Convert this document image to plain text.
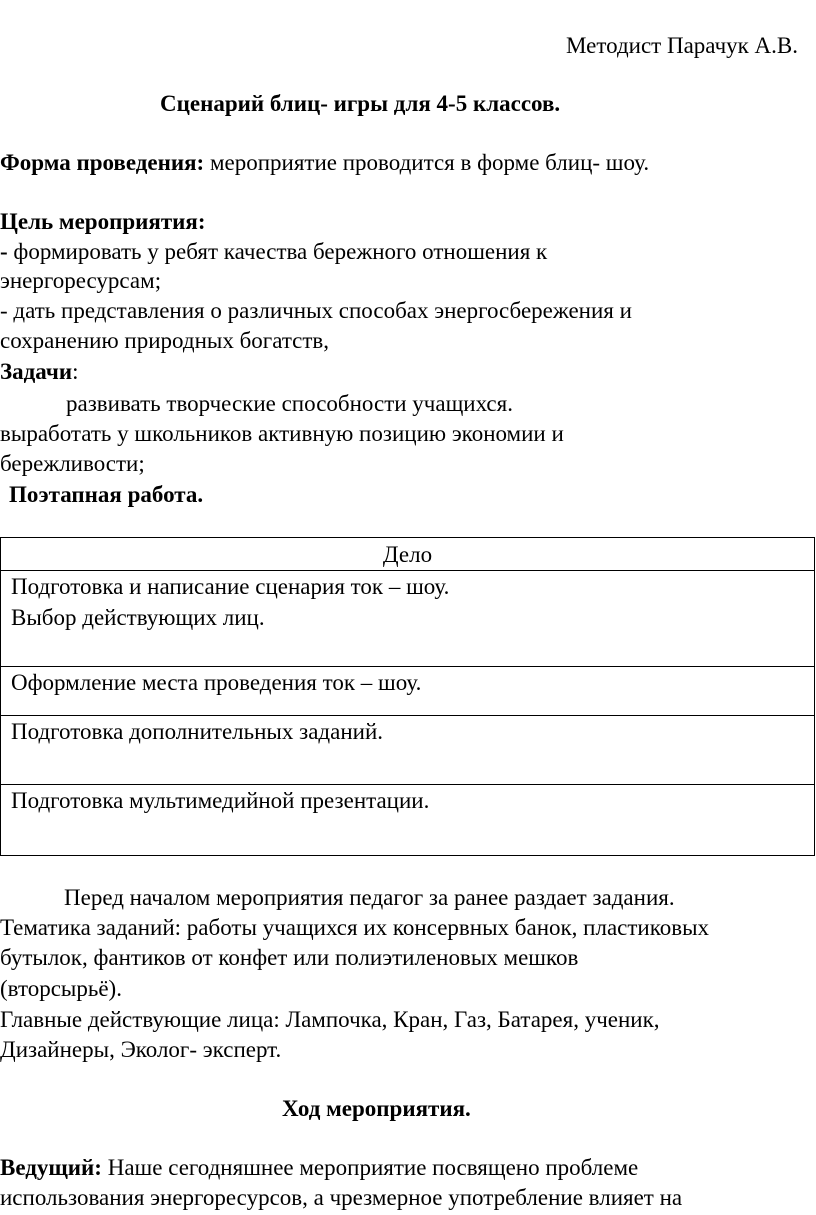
Методист Парачук А.В.
Сценарий блиц- игры для 4-5 классов.
Форма проведения: мероприятие проводится в форме блиц- шоу.
Цель мероприятия:
- формировать у ребят качества бережного отношения к
энергоресурсам;
- дать представления о различных способах энергосбережения и
сохранению природных богатств,
Задачи:
развивать творческие способности учащихся.
выработать у школьников активную позицию экономии и
бережливости;
Поэтапная работа.
Дело

Подготовка и написание сценария ток – шоу.
Выбор действующих лиц.

Оформление места проведения ток – шоу.

Подготовка дополнительных заданий.

Подготовка мультимедийной презентации.
Перед началом мероприятия педагог за ранее раздает задания.
Тематика заданий: работы учащихся их консервных банок, пластиковых
бутылок, фантиков от конфет или полиэтиленовых мешков
(вторсырьё).
Главные действующие лица: Лампочка, Кран, Газ, Батарея, ученик,
Дизайнеры, Эколог- эксперт.
Ход мероприятия.
Ведущий: Наше сегодняшнее мероприятие посвящено проблеме
использования энергоресурсов, а чрезмерное употребление влияет на
